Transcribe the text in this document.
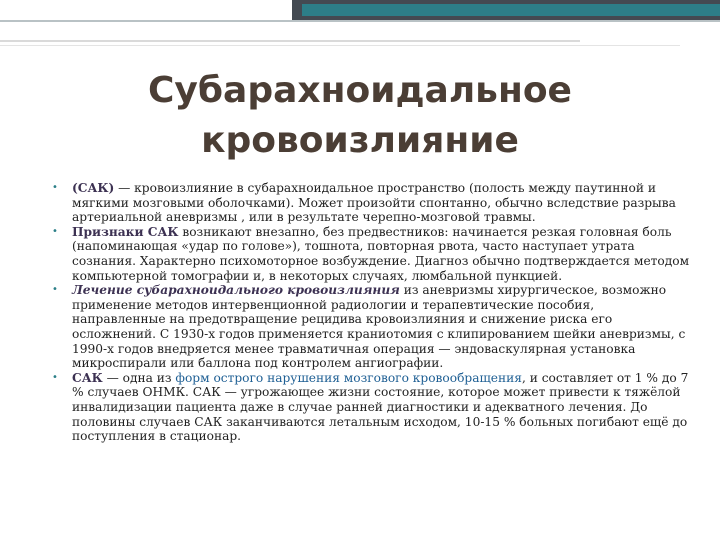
Субарахноидальное кровоизлияние
• (САК) — кровоизлияние в субарахноидальное пространство (полость между паутинной и мягкими мозговыми оболочками). Может произойти спонтанно, обычно вследствие разрыва артериальной аневризмы , или в результате черепно-мозговой травмы.
• Признаки САК возникают внезапно, без предвестников: начинается резкая головная боль (напоминающая «удар по голове»), тошнота, повторная рвота, часто наступает утрата сознания. Характерно психомоторное возбуждение. Диагноз обычно подтверждается методом компьютерной томографии и, в некоторых случаях, люмбальной пункцией.
• Лечение субарахноидального кровоизлияния из аневризмы хирургическое, возможно применение методов интервенционной радиологии и терапевтические пособия, направленные на предотвращение рецидива кровоизлияния и снижение риска его осложнений. С 1930-х годов применяется краниотомия с клипированием шейки аневризмы, с 1990-х годов внедряется менее травматичная операция — эндоваскулярная установка микроспирали или баллона под контролем ангиографии.
• САК — одна из форм острого нарушения мозгового кровообращения, и составляет от 1 % до 7 % случаев ОНМК. САК — угрожающее жизни состояние, которое может привести к тяжёлой инвалидизации пациента даже в случае ранней диагностики и адекватного лечения. До половины случаев САК заканчиваются летальным исходом, 10-15 % больных погибают ещё до поступления в стационар.
